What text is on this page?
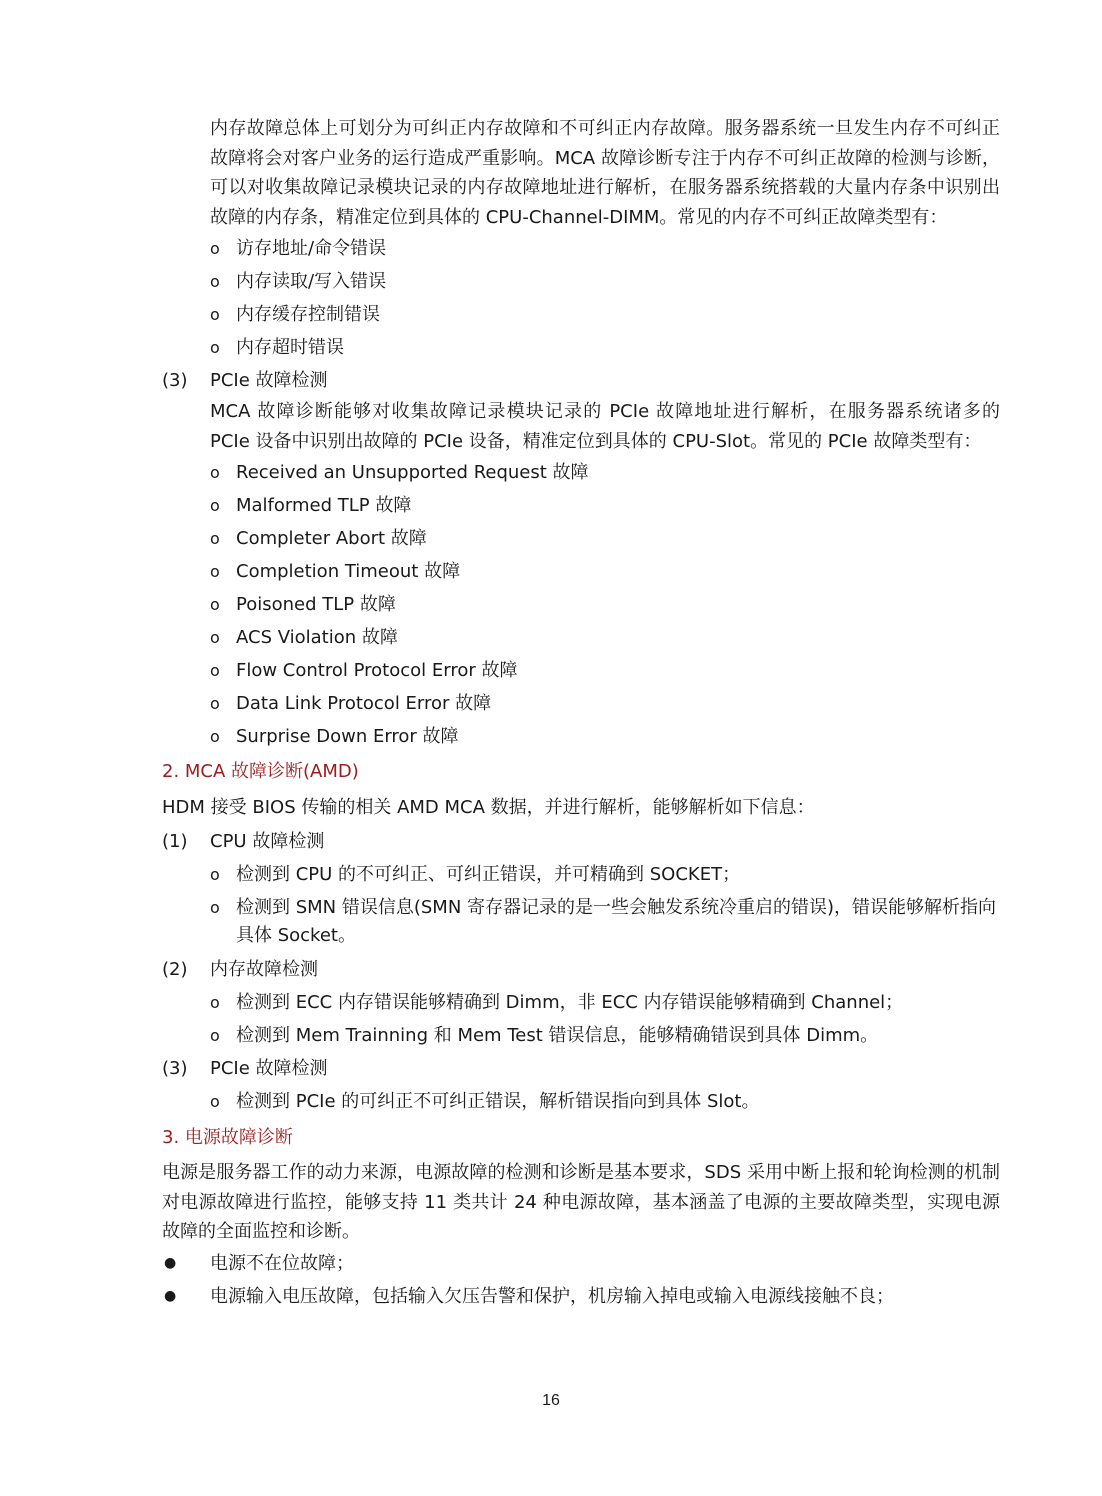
内存故障总体上可划分为可纠正内存故障和不可纠正内存故障。服务器系统一旦发生内存不可纠正故障将会对客户业务的运行造成严重影响。MCA 故障诊断专注于内存不可纠正故障的检测与诊断，可以对收集故障记录模块记录的内存故障地址进行解析，在服务器系统搭载的大量内存条中识别出故障的内存条，精准定位到具体的 CPU-Channel-DIMM。常见的内存不可纠正故障类型有：

o 访存地址/命令错误
o 内存读取/写入错误
o 内存缓存控制错误
o 内存超时错误
(3) PCIe 故障检测

MCA 故障诊断能够对收集故障记录模块记录的 PCIe 故障地址进行解析，在服务器系统诸多的 PCIe 设备中识别出故障的 PCIe 设备，精准定位到具体的 CPU-Slot。常见的 PCIe 故障类型有：

o Received an Unsupported Request 故障
o Malformed TLP 故障
o Completer Abort 故障
o Completion Timeout 故障
o Poisoned TLP 故障
o ACS Violation 故障
o Flow Control Protocol Error 故障
o Data Link Protocol Error 故障
o Surprise Down Error 故障
2. MCA 故障诊断(AMD)
HDM 接受 BIOS 传输的相关 AMD MCA 数据，并进行解析，能够解析如下信息：
(1) CPU 故障检测
o 检测到 CPU 的不可纠正、可纠正错误，并可精确到 SOCKET；
o 检测到 SMN 错误信息(SMN 寄存器记录的是一些会触发系统冷重启的错误)，错误能够解析指向具体 Socket。
(2) 内存故障检测
o 检测到 ECC 内存错误能够精确到 Dimm，非 ECC 内存错误能够精确到 Channel；
o 检测到 Mem Trainning 和 Mem Test 错误信息，能够精确错误到具体 Dimm。
(3) PCIe 故障检测
o 检测到 PCIe 的可纠正不可纠正错误，解析错误指向到具体 Slot。
3. 电源故障诊断

电源是服务器工作的动力来源，电源故障的检测和诊断是基本要求，SDS 采用中断上报和轮询检测的机制对电源故障进行监控，能够支持 11 类共计 24 种电源故障，基本涵盖了电源的主要故障类型，实现电源故障的全面监控和诊断。

● 电源不在位故障；
● 电源输入电压故障，包括输入欠压告警和保护，机房输入掉电或输入电源线接触不良；
16
